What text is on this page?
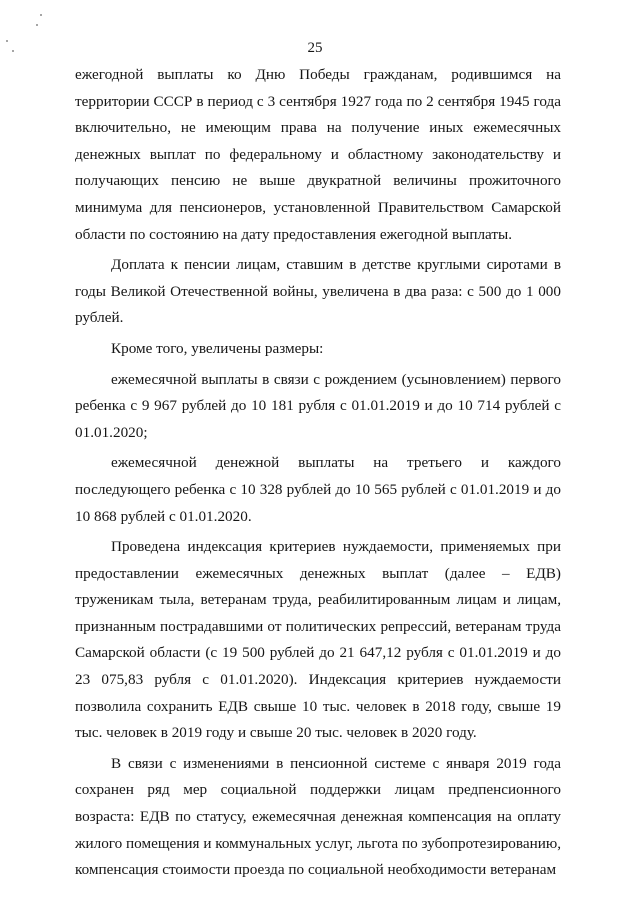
25

ежегодной выплаты ко Дню Победы гражданам, родившимся на территории СССР в период с 3 сентября 1927 года по 2 сентября 1945 года включительно, не имеющим права на получение иных ежемесячных денежных выплат по федеральному и областному законодательству и получающих пенсию не выше двукратной величины прожиточного минимума для пенсионеров, установленной Правительством Самарской области по состоянию на дату предоставления ежегодной выплаты.

Доплата к пенсии лицам, ставшим в детстве круглыми сиротами в годы Великой Отечественной войны, увеличена в два раза: с 500 до 1 000 рублей.

Кроме того, увеличены размеры:

ежемесячной выплаты в связи с рождением (усыновлением) первого ребенка с 9 967 рублей до 10 181 рубля с 01.01.2019 и до 10 714 рублей с 01.01.2020;

ежемесячной денежной выплаты на третьего и каждого последующего ребенка с 10 328 рублей до 10 565 рублей с 01.01.2019 и до 10 868 рублей с 01.01.2020.

Проведена индексация критериев нуждаемости, применяемых при предоставлении ежемесячных денежных выплат (далее – ЕДВ) труженикам тыла, ветеранам труда, реабилитированным лицам и лицам, признанным пострадавшими от политических репрессий, ветеранам труда Самарской области (с 19 500 рублей до 21 647,12 рубля с 01.01.2019 и до 23 075,83 рубля с 01.01.2020). Индексация критериев нуждаемости позволила сохранить ЕДВ свыше 10 тыс. человек в 2018 году, свыше 19 тыс. человек в 2019 году и свыше 20 тыс. человек в 2020 году.

В связи с изменениями в пенсионной системе с января 2019 года сохранен ряд мер социальной поддержки лицам предпенсионного возраста: ЕДВ по статусу, ежемесячная денежная компенсация на оплату жилого помещения и коммунальных услуг, льгота по зубопротезированию, компенсация стоимости проезда по социальной необходимости ветеранам
